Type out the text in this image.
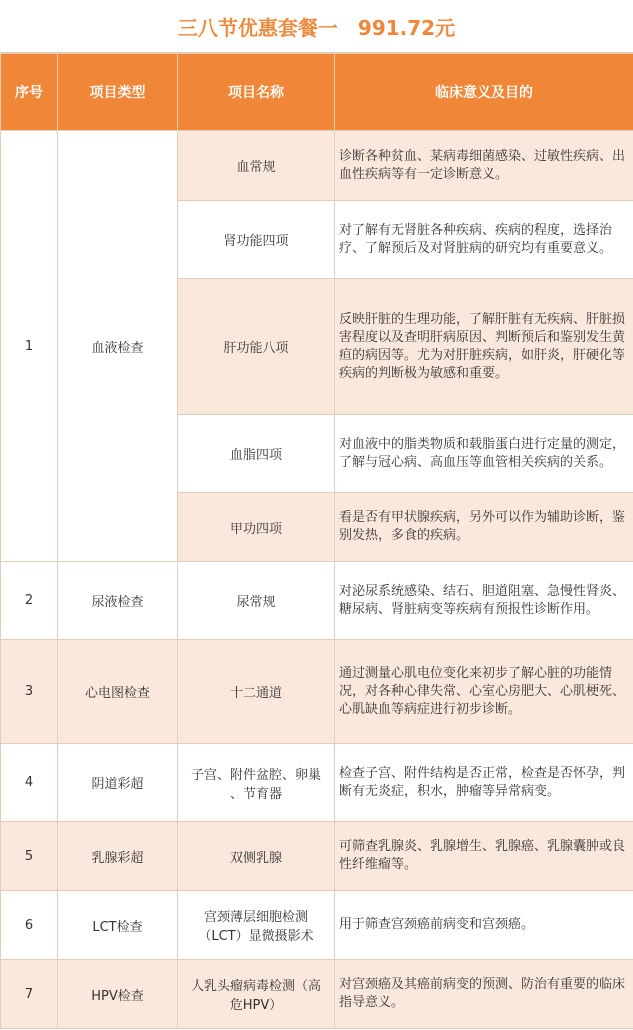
三八节优惠套餐一　991.72元
序号	项目类型	项目名称	临床意义及目的
1	血液检查	血常规	诊断各种贫血、某病毒细菌感染、过敏性疾病、出血性疾病等有一定诊断意义。

		肾功能四项	对了解有无肾脏各种疾病、疾病的程度，选择治疗、了解预后及对肾脏病的研究均有重要意义。

		肝功能八项	反映肝脏的生理功能，了解肝脏有无疾病、肝脏损害程度以及查明肝病原因、判断预后和鉴别发生黄疸的病因等。尤为对肝脏疾病，如肝炎，肝硬化等疾病的判断极为敏感和重要。

		血脂四项	对血液中的脂类物质和载脂蛋白进行定量的测定，了解与冠心病、高血压等血管相关疾病的关系。

		甲功四项	看是否有甲状腺疾病，另外可以作为辅助诊断，鉴别发热，多食的疾病。
2	尿液检查	尿常规	对泌尿系统感染、结石、胆道阻塞、急慢性肾炎、糖尿病、肾脏病变等疾病有预报性诊断作用。
3	心电图检查	十二通道	通过测量心肌电位变化来初步了解心脏的功能情况，对各种心律失常、心室心房肥大、心肌梗死、心肌缺血等病症进行初步诊断。
4	阴道彩超	子宫、附件盆腔、卵巢
、节育器	检查子宫、附件结构是否正常，检查是否怀孕，判断有无炎症，积水，肿瘤等异常病变。
5	乳腺彩超	双侧乳腺	可筛查乳腺炎、乳腺增生、乳腺癌、乳腺囊肿或良性纤维瘤等。
6	LCT检查	宫颈薄层细胞检测
（LCT）显微摄影术	用于筛查宫颈癌前病变和宫颈癌。
7	HPV检查	人乳头瘤病毒检测（高
危HPV）	对宫颈癌及其癌前病变的预测、防治有重要的临床指导意义。
